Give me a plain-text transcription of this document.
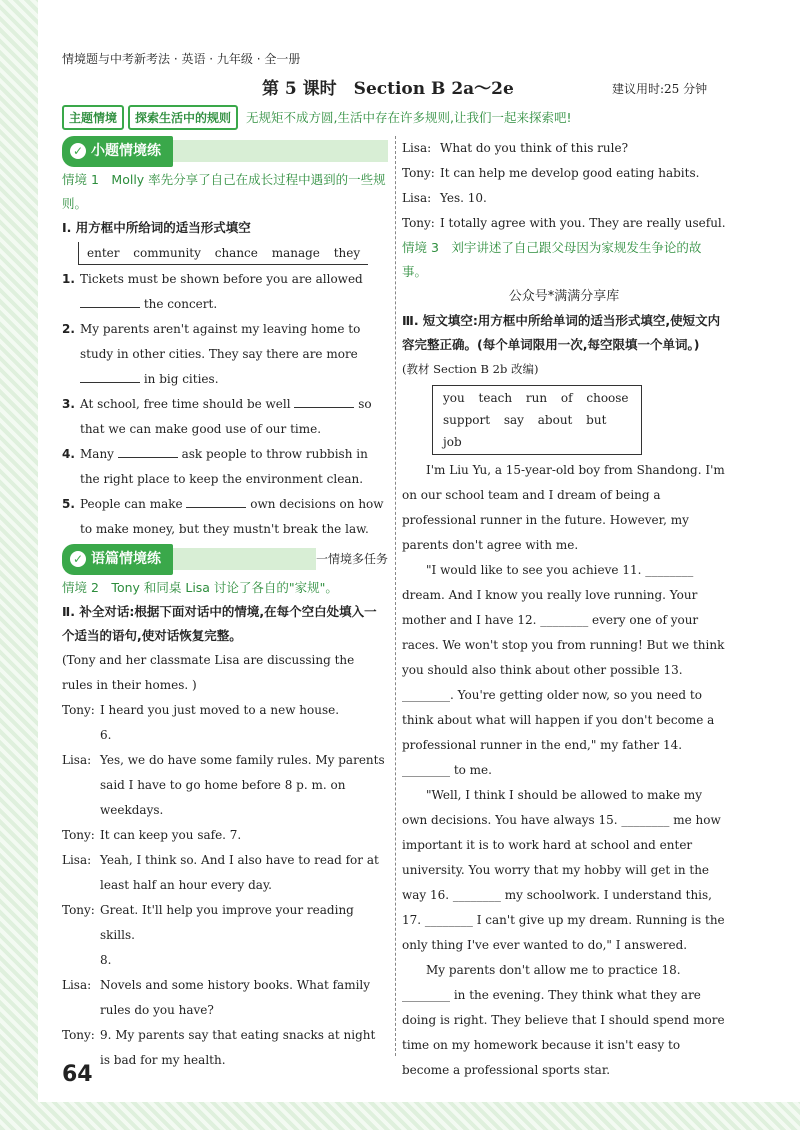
情境题与中考新考法 · 英语 · 九年级 · 全一册
第 5 课时　Section B 2a～2e	建议用时:25 分钟
主题情境	探索生活中的规则	无规矩不成方圆,生活中存在许多规则,让我们一起来探索吧!
✓ 小题情境练
情境 1　Molly 率先分享了自己在成长过程中遇到的一些规则。
Ⅰ. 用方框中所给词的适当形式填空
enter community chance manage they
1. Tickets must be shown before you are allowed  the concert.
2. My parents aren't against my leaving home to study in other cities. They say there are more  in big cities.
3. At school, free time should be well	so that we can make good use of our time.
4. Many	ask people to throw rubbish in the right place to keep the environment clean.
5. People can make	own decisions on how to make money, but they mustn't break the law.
✓ 语篇情境练	一情境多任务
情境 2　Tony 和同桌 Lisa 讨论了各自的"家规"。
Ⅱ. 补全对话:根据下面对话中的情境,在每个空白处填入一个适当的语句,使对话恢复完整。
(Tony and her classmate Lisa are discussing the rules in their homes. )
Tony: I heard you just moved to a new house.
6.
Lisa: Yes, we do have some family rules. My parents said I have to go home before 8 p. m. on weekdays.
Tony: It can keep you safe. 7.
Lisa: Yeah, I think so. And I also have to read for at least half an hour every day.
Tony: Great. It'll help you improve your reading skills.
8.
Lisa: Novels and some history books. What family rules do you have?
Tony: 9. My parents say that eating snacks at night is bad for my health.
Lisa: What do you think of this rule?
Tony: It can help me develop good eating habits.
Lisa: Yes. 10.
Tony: I totally agree with you. They are really useful.
情境 3　刘宇讲述了自己跟父母因为家规发生争论的故事。
公众号*满满分享库
Ⅲ. 短文填空:用方框中所给单词的适当形式填空,使短文内容完整正确。(每个单词限用一次,每空限填一个单词。)
(教材 Section B 2b 改编)
you teach run of choose
support say about but job
I'm Liu Yu, a 15-year-old boy from Shandong. I'm on our school team and I dream of being a professional runner in the future. However, my parents don't agree with me.
"I would like to see you achieve 11. ________ dream. And I know you really love running. Your mother and I have 12. ________ every one of your races. We won't stop you from running! But we think you should also think about other possible 13. ________. You're getting older now, so you need to think about what will happen if you don't become a professional runner in the end," my father 14. ________ to me.
"Well, I think I should be allowed to make my own decisions. You have always 15. ________ me how important it is to work hard at school and enter university. You worry that my hobby will get in the way 16. ________ my schoolwork. I understand this, 17. ________ I can't give up my dream. Running is the only thing I've ever wanted to do," I answered.
My parents don't allow me to practice 18. ________ in the evening. They think what they are doing is right. They believe that I should spend more time on my homework because it isn't easy to become a professional sports star.
64
